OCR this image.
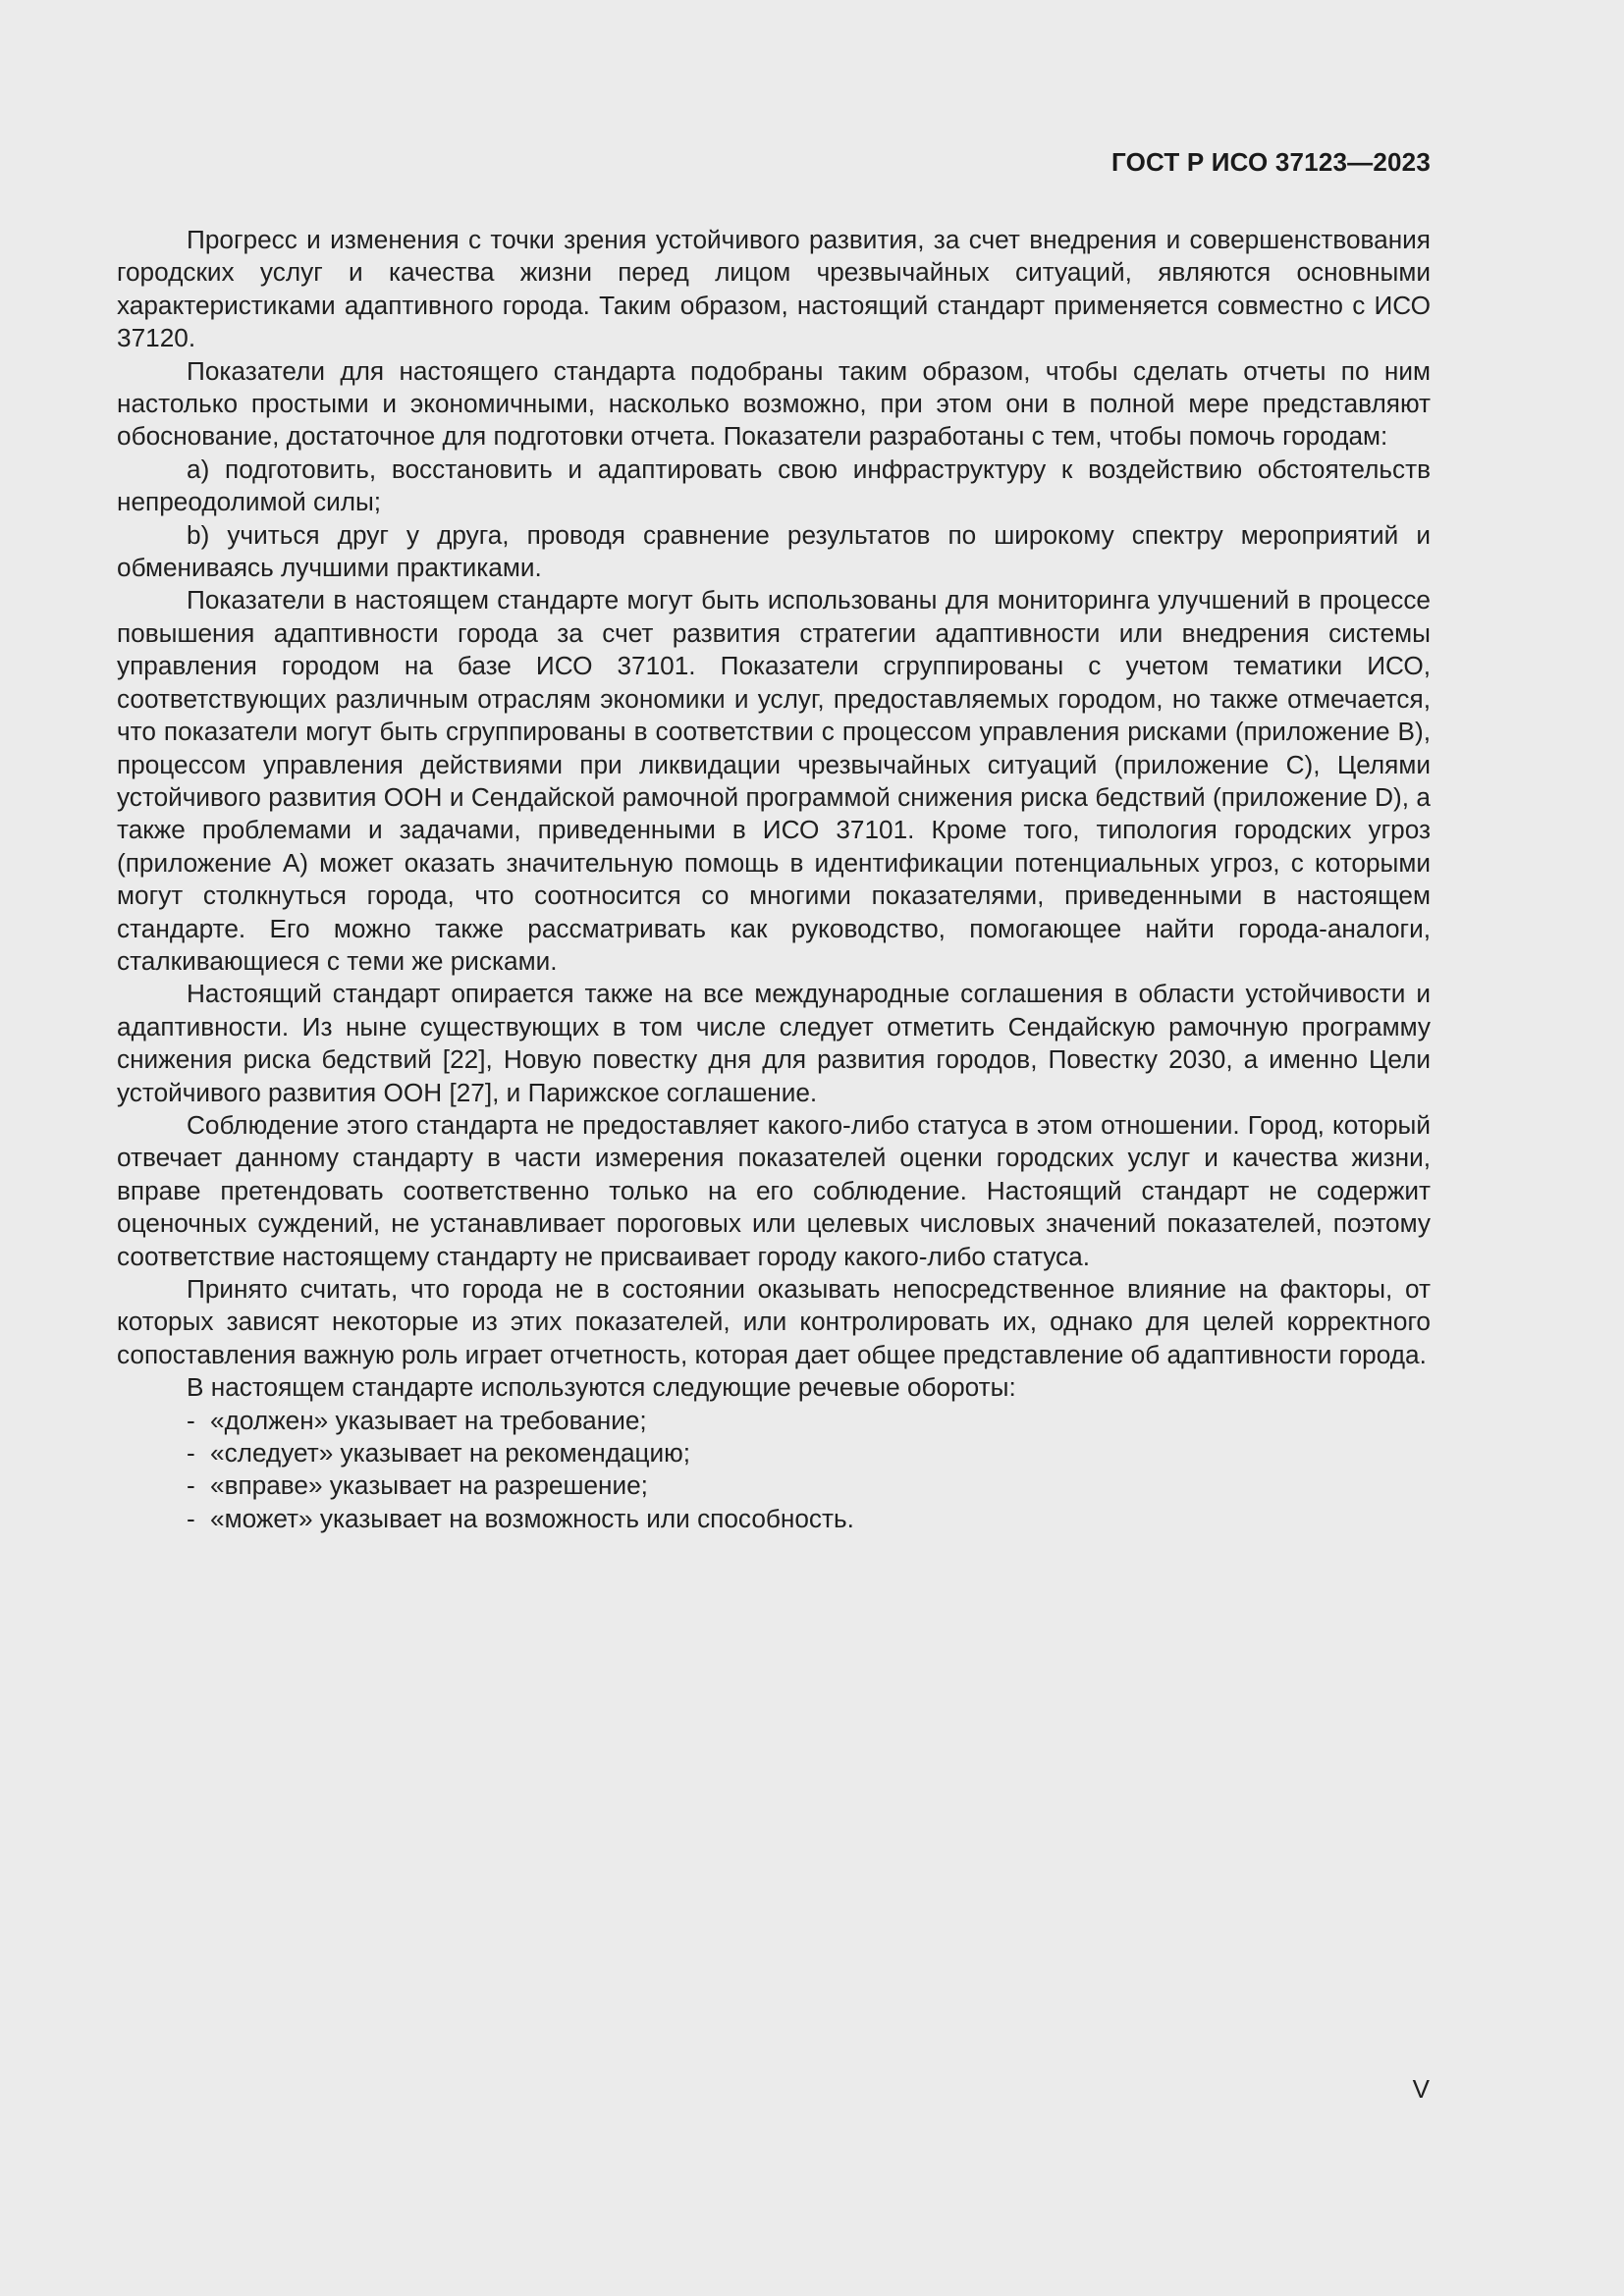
ГОСТ Р ИСО 37123—2023

Прогресс и изменения с точки зрения устойчивого развития, за счет внедрения и совершенствования городских услуг и качества жизни перед лицом чрезвычайных ситуаций, являются основными характеристиками адаптивного города. Таким образом, настоящий стандарт применяется совместно с ИСО 37120.

Показатели для настоящего стандарта подобраны таким образом, чтобы сделать отчеты по ним настолько простыми и экономичными, насколько возможно, при этом они в полной мере представляют обоснование, достаточное для подготовки отчета. Показатели разработаны с тем, чтобы помочь городам:

a) подготовить, восстановить и адаптировать свою инфраструктуру к воздействию обстоятельств непреодолимой силы;

b) учиться друг у друга, проводя сравнение результатов по широкому спектру мероприятий и обмениваясь лучшими практиками.

Показатели в настоящем стандарте могут быть использованы для мониторинга улучшений в процессе повышения адаптивности города за счет развития стратегии адаптивности или внедрения системы управления городом на базе ИСО 37101. Показатели сгруппированы с учетом тематики ИСО, соответствующих различным отраслям экономики и услуг, предоставляемых городом, но также отмечается, что показатели могут быть сгруппированы в соответствии с процессом управления рисками (приложение В), процессом управления действиями при ликвидации чрезвычайных ситуаций (приложение С), Целями устойчивого развития ООН и Сендайской рамочной программой снижения риска бедствий (приложение D), а также проблемами и задачами, приведенными в ИСО 37101. Кроме того, типология городских угроз (приложение А) может оказать значительную помощь в идентификации потенциальных угроз, с которыми могут столкнуться города, что соотносится со многими показателями, приведенными в настоящем стандарте. Его можно также рассматривать как руководство, помогающее найти города-аналоги, сталкивающиеся с теми же рисками.

Настоящий стандарт опирается также на все международные соглашения в области устойчивости и адаптивности. Из ныне существующих в том числе следует отметить Сендайскую рамочную программу снижения риска бедствий [22], Новую повестку дня для развития городов, Повестку 2030, а именно Цели устойчивого развития ООН [27], и Парижское соглашение.

Соблюдение этого стандарта не предоставляет какого-либо статуса в этом отношении. Город, который отвечает данному стандарту в части измерения показателей оценки городских услуг и качества жизни, вправе претендовать соответственно только на его соблюдение. Настоящий стандарт не содержит оценочных суждений, не устанавливает пороговых или целевых числовых значений показателей, поэтому соответствие настоящему стандарту не присваивает городу какого-либо статуса.

Принято считать, что города не в состоянии оказывать непосредственное влияние на факторы, от которых зависят некоторые из этих показателей, или контролировать их, однако для целей корректного сопоставления важную роль играет отчетность, которая дает общее представление об адаптивности города.

В настоящем стандарте используются следующие речевые обороты:

- «должен» указывает на требование;
- «следует» указывает на рекомендацию;
- «вправе» указывает на разрешение;
- «может» указывает на возможность или способность.
V
